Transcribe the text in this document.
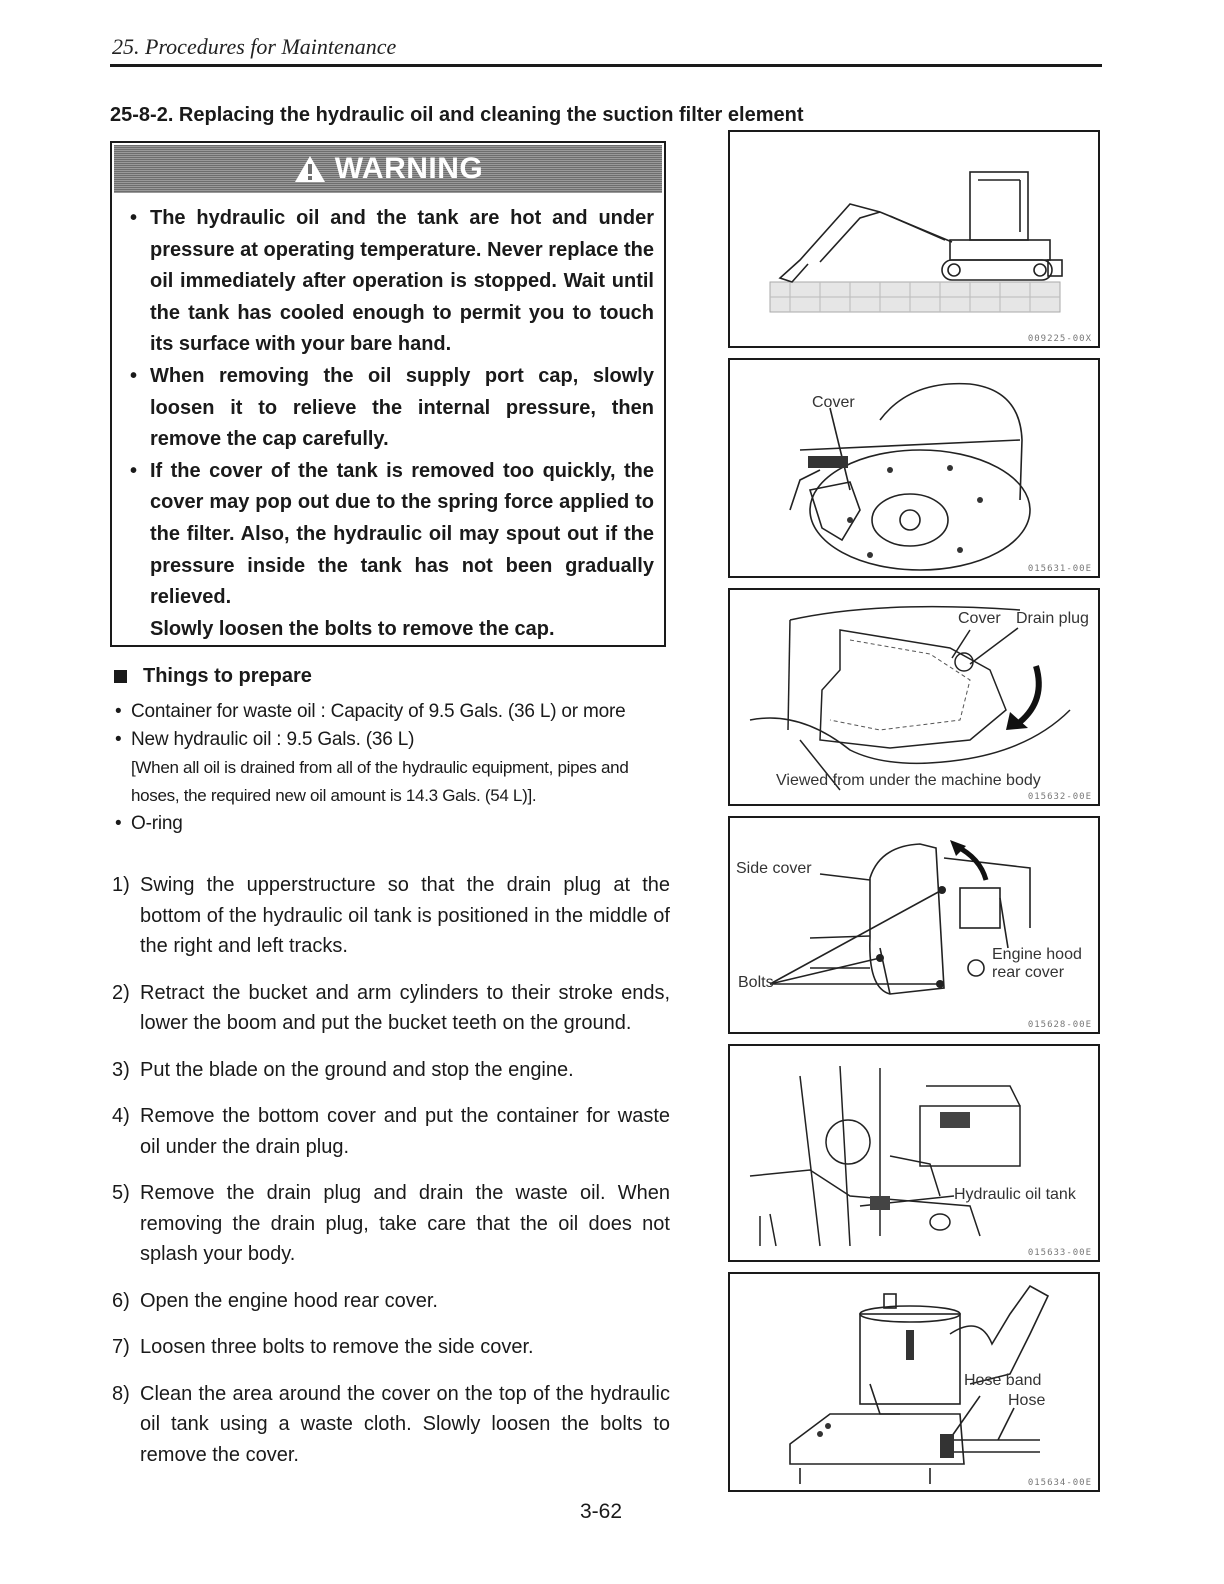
25. Procedures for Maintenance
25-8-2. Replacing the hydraulic oil and cleaning the suction filter element
WARNING
• The hydraulic oil and the tank are hot and under pressure at operating temperature. Never replace the oil immediately after operation is stopped. Wait until the tank has cooled enough to permit you to touch its surface with your bare hand.
• When removing the oil supply port cap, slowly loosen it to relieve the internal pressure, then remove the cap carefully.
• If the cover of the tank is removed too quickly, the cover may pop out due to the spring force applied to the filter. Also, the hydraulic oil may spout out if the pressure inside the tank has not been gradually relieved.
Slowly loosen the bolts to remove the cap.
Things to prepare
• Container for waste oil : Capacity of 9.5 Gals. (36 L) or more
• New hydraulic oil : 9.5 Gals. (36 L)
[When all oil is drained from all of the hydraulic equipment, pipes and hoses, the required new oil amount is 14.3 Gals. (54 L)].
• O-ring
1) Swing the upperstructure so that the drain plug at the bottom of the hydraulic oil tank is positioned in the middle of the right and left tracks.
2) Retract the bucket and arm cylinders to their stroke ends, lower the boom and put the bucket teeth on the ground.
3) Put the blade on the ground and stop the engine.
4) Remove the bottom cover and put the container for waste oil under the drain plug.
5) Remove the drain plug and drain the waste oil. When removing the drain plug, take care that the oil does not splash your body.
6) Open the engine hood rear cover.
7) Loosen three bolts to remove the side cover.
8) Clean the area around the cover on the top of the hydraulic oil tank using a waste cloth. Slowly loosen the bolts to remove the cover.
009225-00X
Cover
015631-00E
Cover Drain plug
Viewed from under the machine body
015632-00E
Side cover
Bolts
Engine hood
rear cover
015628-00E
Hydraulic oil tank
015633-00E
Hose band
Hose
015634-00E
3-62
